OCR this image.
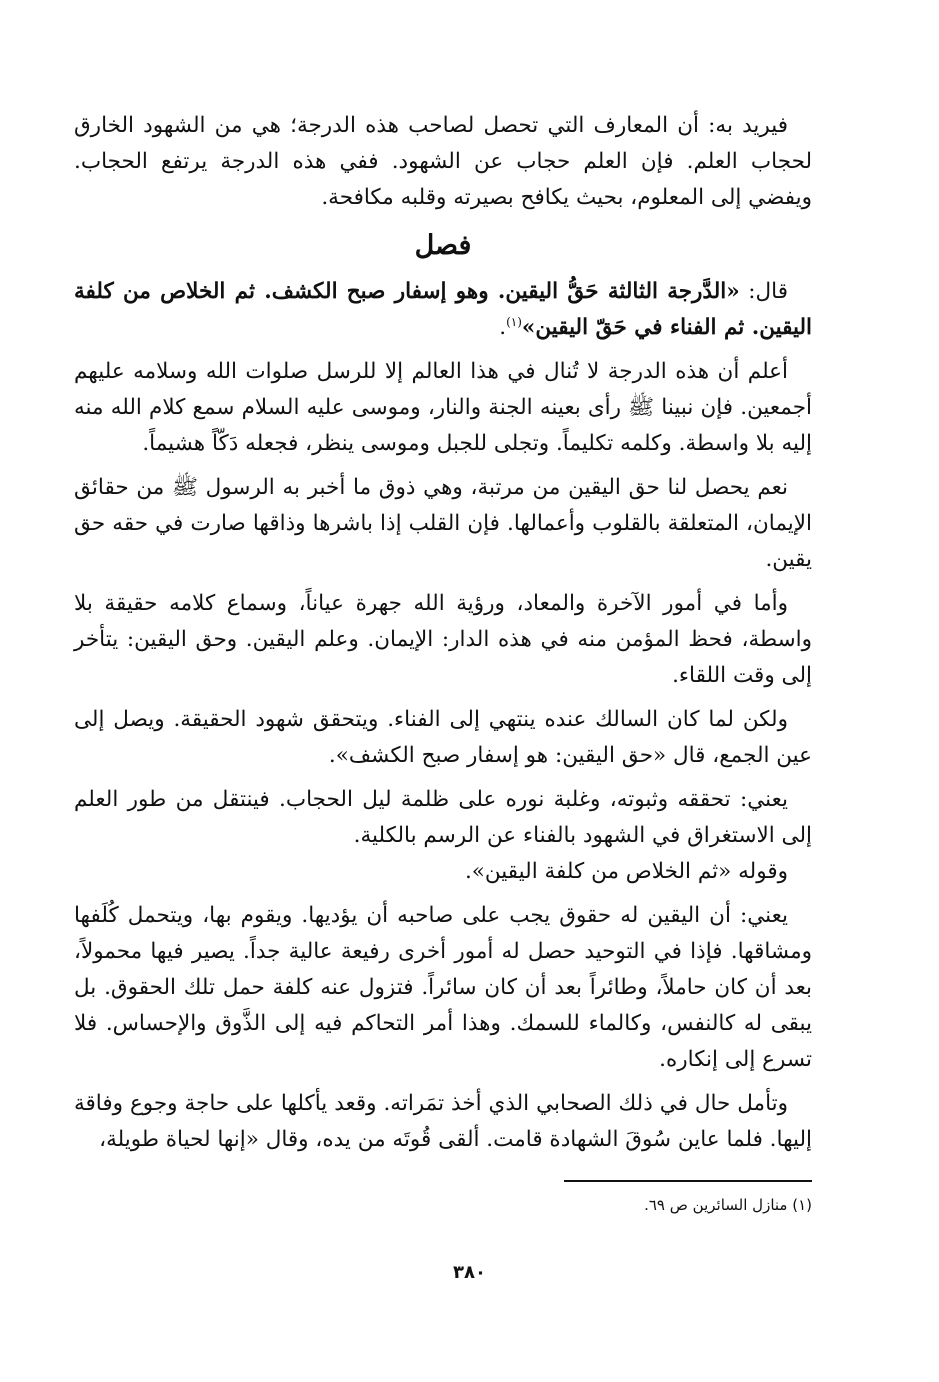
فيريد به: أن المعارف التي تحصل لصاحب هذه الدرجة؛ هي من الشهود الخارق لحجاب العلم. فإن العلم حجاب عن الشهود. ففي هذه الدرجة يرتفع الحجاب. ويفضي إلى المعلوم، بحيث يكافح بصيرته وقلبه مكافحة.

فصل

قال: «الدَّرجة الثالثة حَقُّ اليقين. وهو إسفار صبح الكشف. ثم الخلاص من كلفة اليقين. ثم الفناء في حَقّ اليقين»$^{(١)}$.

أعلم أن هذه الدرجة لا تُنال في هذا العالم إلا للرسل صلوات الله وسلامه عليهم أجمعين. فإن نبينا ﷺ رأى بعينه الجنة والنار، وموسى عليه السلام سمع كلام الله منه إليه بلا واسطة. وكلمه تكليماً. وتجلى للجبل وموسى ينظر، فجعله دَكّاً هشيماً.

نعم يحصل لنا حق اليقين من مرتبة، وهي ذوق ما أخبر به الرسول ﷺ من حقائق الإيمان، المتعلقة بالقلوب وأعمالها. فإن القلب إذا باشرها وذاقها صارت في حقه حق يقين.

وأما في أمور الآخرة والمعاد، ورؤية الله جهرة عياناً، وسماع كلامه حقيقة بلا واسطة، فحظ المؤمن منه في هذه الدار: الإيمان. وعلم اليقين. وحق اليقين: يتأخر إلى وقت اللقاء.

ولكن لما كان السالك عنده ينتهي إلى الفناء. ويتحقق شهود الحقيقة. ويصل إلى عين الجمع، قال «حق اليقين: هو إسفار صبح الكشف».

يعني: تحققه وثبوته، وغلبة نوره على ظلمة ليل الحجاب. فينتقل من طور العلم إلى الاستغراق في الشهود بالفناء عن الرسم بالكلية.

وقوله «ثم الخلاص من كلفة اليقين».

يعني: أن اليقين له حقوق يجب على صاحبه أن يؤديها. ويقوم بها، ويتحمل كُلَفها ومشاقها. فإذا في التوحيد حصل له أمور أخرى رفيعة عالية جداً. يصير فيها محمولاً، بعد أن كان حاملاً، وطائراً بعد أن كان سائراً. فتزول عنه كلفة حمل تلك الحقوق. بل يبقى له كالنفس، وكالماء للسمك. وهذا أمر التحاكم فيه إلى الذَّوق والإحساس. فلا تسرع إلى إنكاره.

وتأمل حال في ذلك الصحابي الذي أخذ تمَراته. وقعد يأكلها على حاجة وجوع وفاقة إليها. فلما عاين سُوقَ الشهادة قامت. ألقى قُوتَه من يده، وقال «إنها لحياة طويلة،

(١) منازل السائرين ص ٦٩.
٣٨٠
